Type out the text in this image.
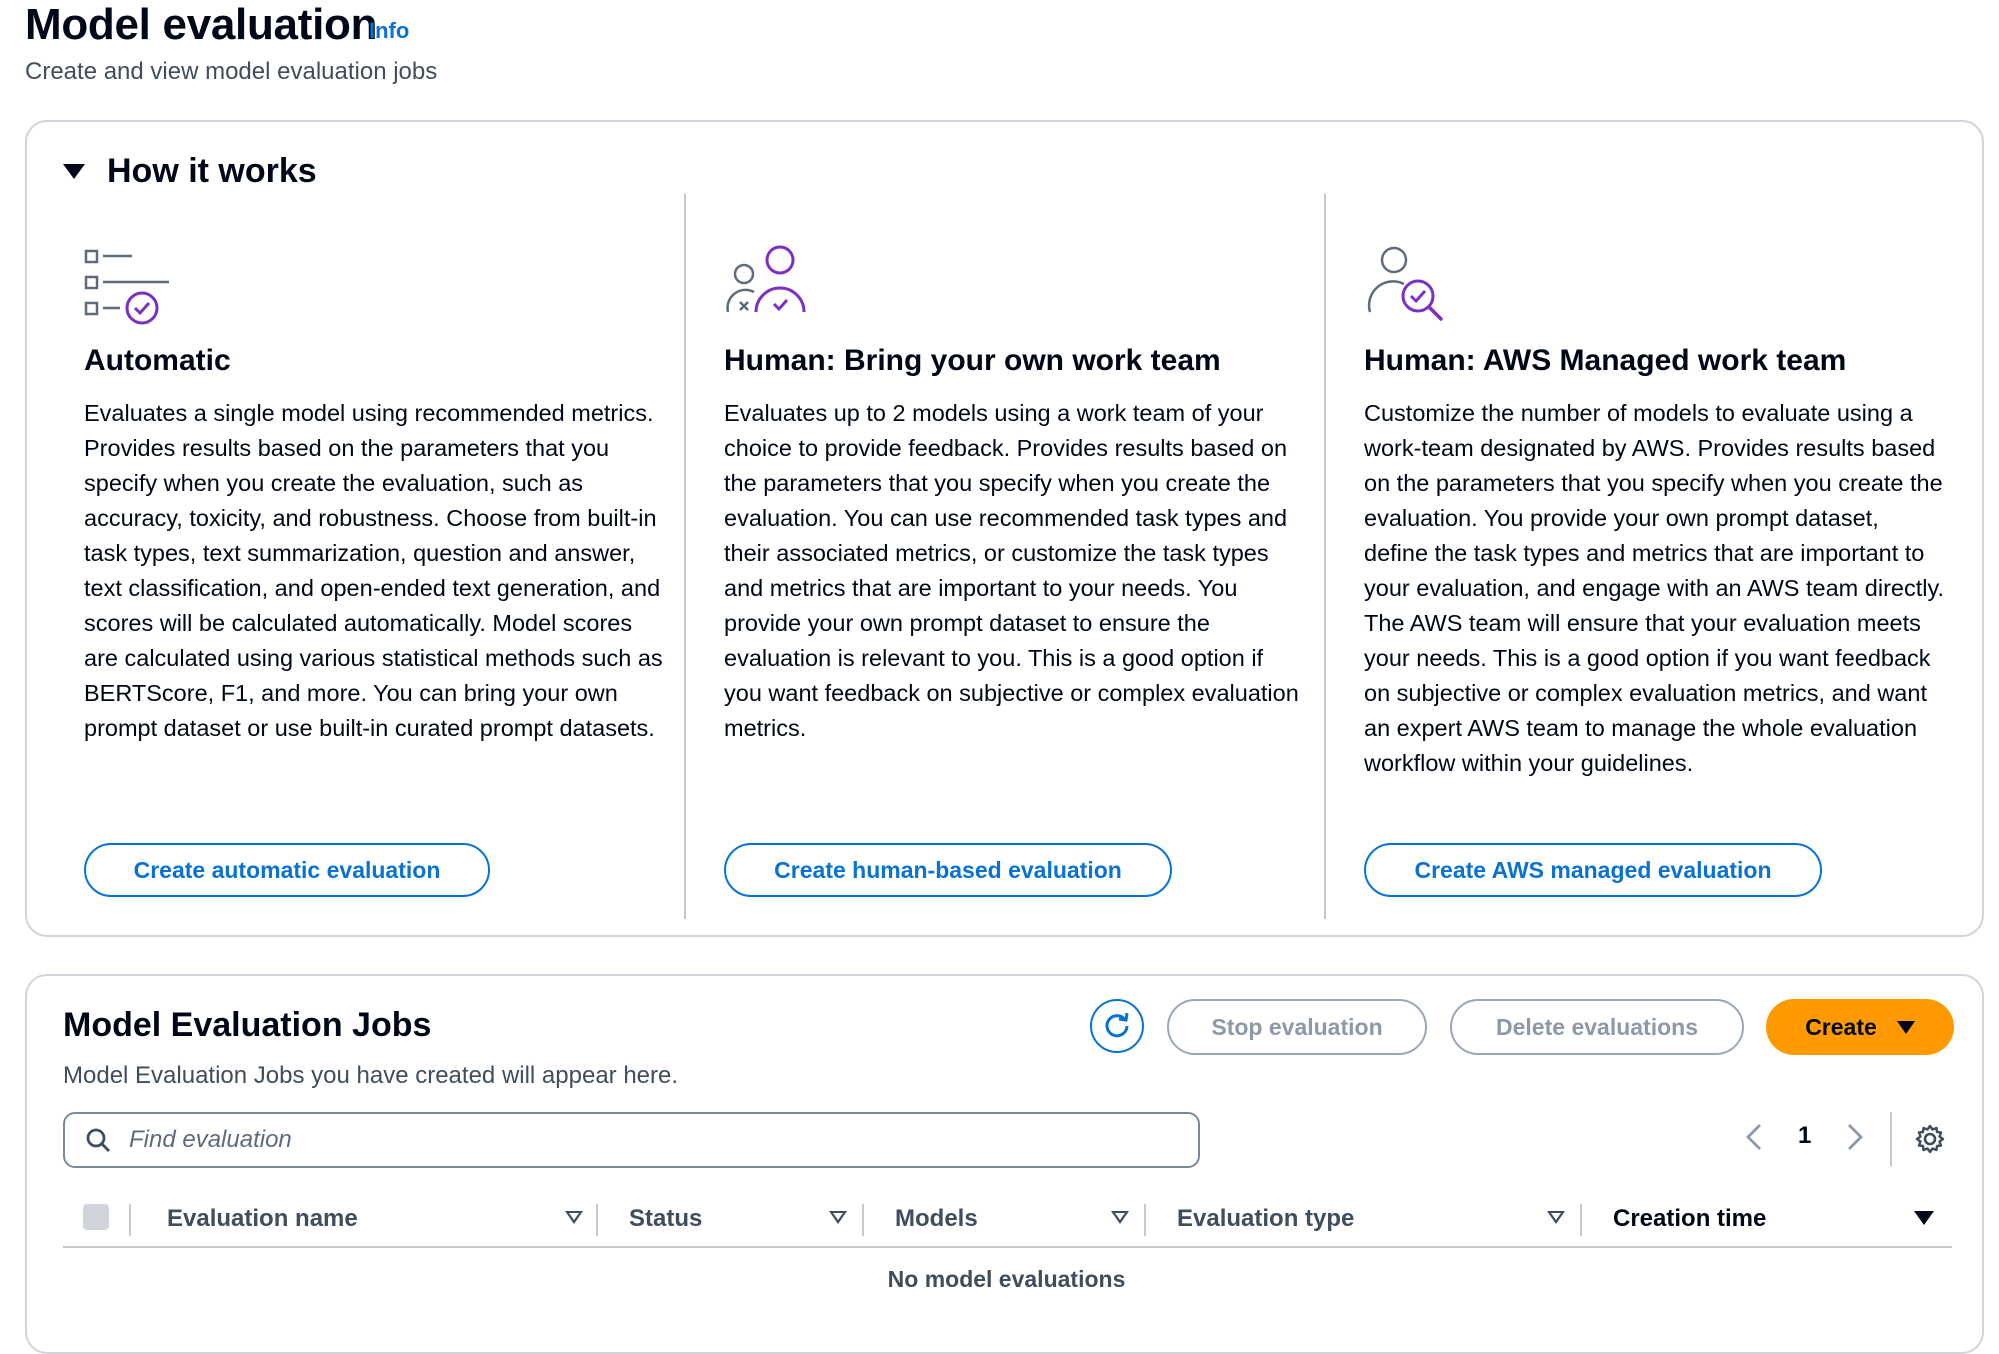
Model evaluation
Info
Create and view model evaluation jobs
How it works
Automatic
Evaluates a single model using recommended metrics. Provides results based on the parameters that you specify when you create the evaluation, such as accuracy, toxicity, and robustness. Choose from built-in task types, text summarization, question and answer, text classification, and open-ended text generation, and scores will be calculated automatically. Model scores are calculated using various statistical methods such as BERTScore, F1, and more. You can bring your own prompt dataset or use built-in curated prompt datasets.
Create automatic evaluation
Human: Bring your own work team
Evaluates up to 2 models using a work team of your choice to provide feedback. Provides results based on the parameters that you specify when you create the evaluation. You can use recommended task types and their associated metrics, or customize the task types and metrics that are important to your needs. You provide your own prompt dataset to ensure the evaluation is relevant to you. This is a good option if you want feedback on subjective or complex evaluation metrics.
Create human-based evaluation
Human: AWS Managed work team
Customize the number of models to evaluate using a work-team designated by AWS. Provides results based on the parameters that you specify when you create the evaluation. You provide your own prompt dataset, define the task types and metrics that are important to your evaluation, and engage with an AWS team directly. The AWS team will ensure that your evaluation meets your needs. This is a good option if you want feedback on subjective or complex evaluation metrics, and want an expert AWS team to manage the whole evaluation workflow within your guidelines.
Create AWS managed evaluation
Model Evaluation Jobs
Model Evaluation Jobs you have created will appear here.
Stop evaluation	Delete evaluations	Create
Find evaluation
1
Evaluation name	Status	Models	Evaluation type	Creation time
No model evaluations
